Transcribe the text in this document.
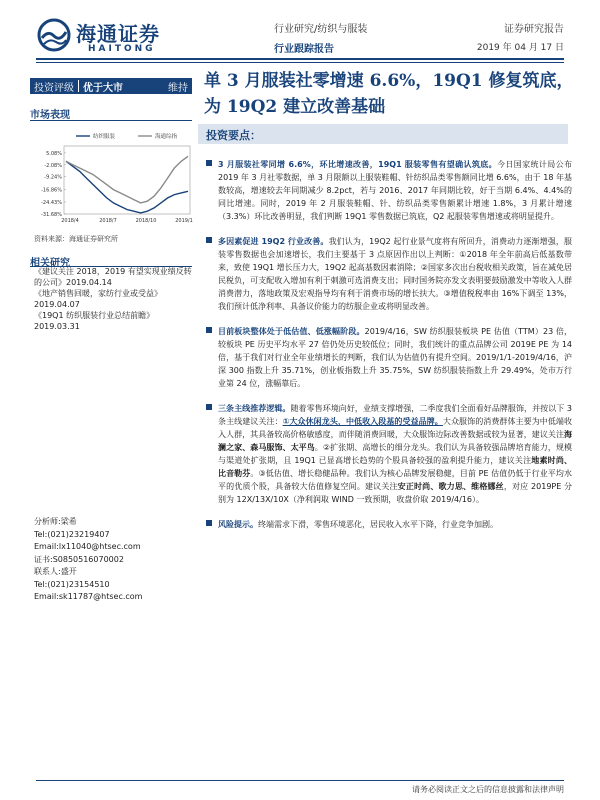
海通证券
HAITONG
行业研究/纺织与服装
行业跟踪报告
证券研究报告
2019 年 04 月 17 日
投资评级 优于大市	维持
市场表现
5.08%
-2.08%
-9.24%
-16.86%
-24.43%
-31.68%
2018/4	2018/7	2018/10	2019/1
纺织服装	海通综指
资料来源：海通证券研究所
相关研究

《建议关注 2018，2019 有望实现业绩反转的公司》2019.04.14

《地产销售回暖，家纺行业或受益》2019.04.07

《19Q1 纺织服装行业总结前瞻》2019.03.31

分析师:梁希
Tel:(021)23219407
Email:lx11040@htsec.com
证书:S0850516070002
联系人:盛开
Tel:(021)23154510
Email:sk11787@htsec.com
单 3 月服装社零增速 6.6%，19Q1 修复筑底，为 19Q2 建立改善基础
投资要点：
3 月服装社零同增 6.6%，环比增速改善，19Q1 服装零售有望确认筑底。今日国家统计局公布 2019 年 3 月社零数据，单 3 月限额以上服装鞋帽、针纺织品类零售额同比增 6.6%，由于 18 年基数较高，增速较去年同期减少 8.2pct，若与 2016、2017 年同期比较，好于当期 6.4%、4.4%的同比增速。同时，2019 年 2 月服装鞋帽、针、纺织品类零售额累计增速 1.8%，3 月累计增速（3.3%）环比改善明显，我们判断 19Q1 零售数据已筑底，Q2 起服装零售增速或将明显提升。
多因素促进 19Q2 行业改善。我们认为，19Q2 起行业景气度将有所回升，消费动力逐渐增强，服装零售数据也会加速增长，我们主要基于 3 点原因作出以上判断：①2018 年全年前高后低基数带来，致使 19Q1 增长压力大，19Q2 起高基数因素消除；②国家多次出台税收相关政策，旨在减免居民税负，可支配收入增加有利于刺激可选消费支出；同时国务院亦发文表明要鼓励激发中等收入人群消费潜力，落地政策及宏观指导均有利于消费市场的增长扶大。③增值税税率由 16%下调至 13%，我们预计低净利率、具备议价能力的纺服企业或将明显改善。
目前板块整体处于低估值、低涨幅阶段。2019/4/16，SW 纺织服装板块 PE 估值（TTM）23 倍，较板块 PE 历史平均水平 27 倍仍处历史较低位；同时，我们统计的重点品牌公司 2019E PE 为 14 倍，基于我们对行业全年业绩增长的判断，我们认为估值仍有提升空间。2019/1/1-2019/4/16，沪深 300 指数上升 35.71%，创业板指数上升 35.75%，SW 纺织服装指数上升 29.49%，处市万行业第 24 位，涨幅靠后。
三条主线推荐逻辑。随着零售环境向好，业绩支撑增强，二季度我们全面看好品牌服饰，并按以下 3 条主线建议关注：①大众休闲龙头，中低收入段基的受益品牌。大众服饰的消费群体主要为中低端收入人群，其具备较高价格敏感度，而伴随消费回暖，大众服饰边际改善数据或较为显著，建议关注海澜之家、森马服饰、太平鸟。②扩张期、高增长的细分龙头。我们认为具备较强品牌培育能力，规模与渠道处扩张期，且 19Q1 已显高增长趋势的个股具备较强的盈利提升能力，建议关注地素时尚、比音勒芬。③低估值、增长稳健品种。我们认为核心品牌发展稳健，目前 PE 估值仍低于行业平均水平的优质个股，具备较大估值修复空间。建议关注安正时尚、歌力思、维格娜丝，对应 2019PE 分别为 12X/13X/10X（净利润取 WIND 一致预期，收盘价取 2019/4/16）。
风险提示。终端需求下滑，零售环境恶化，居民收入水平下降，行业竞争加剧。
请务必阅读正文之后的信息披露和法律声明
